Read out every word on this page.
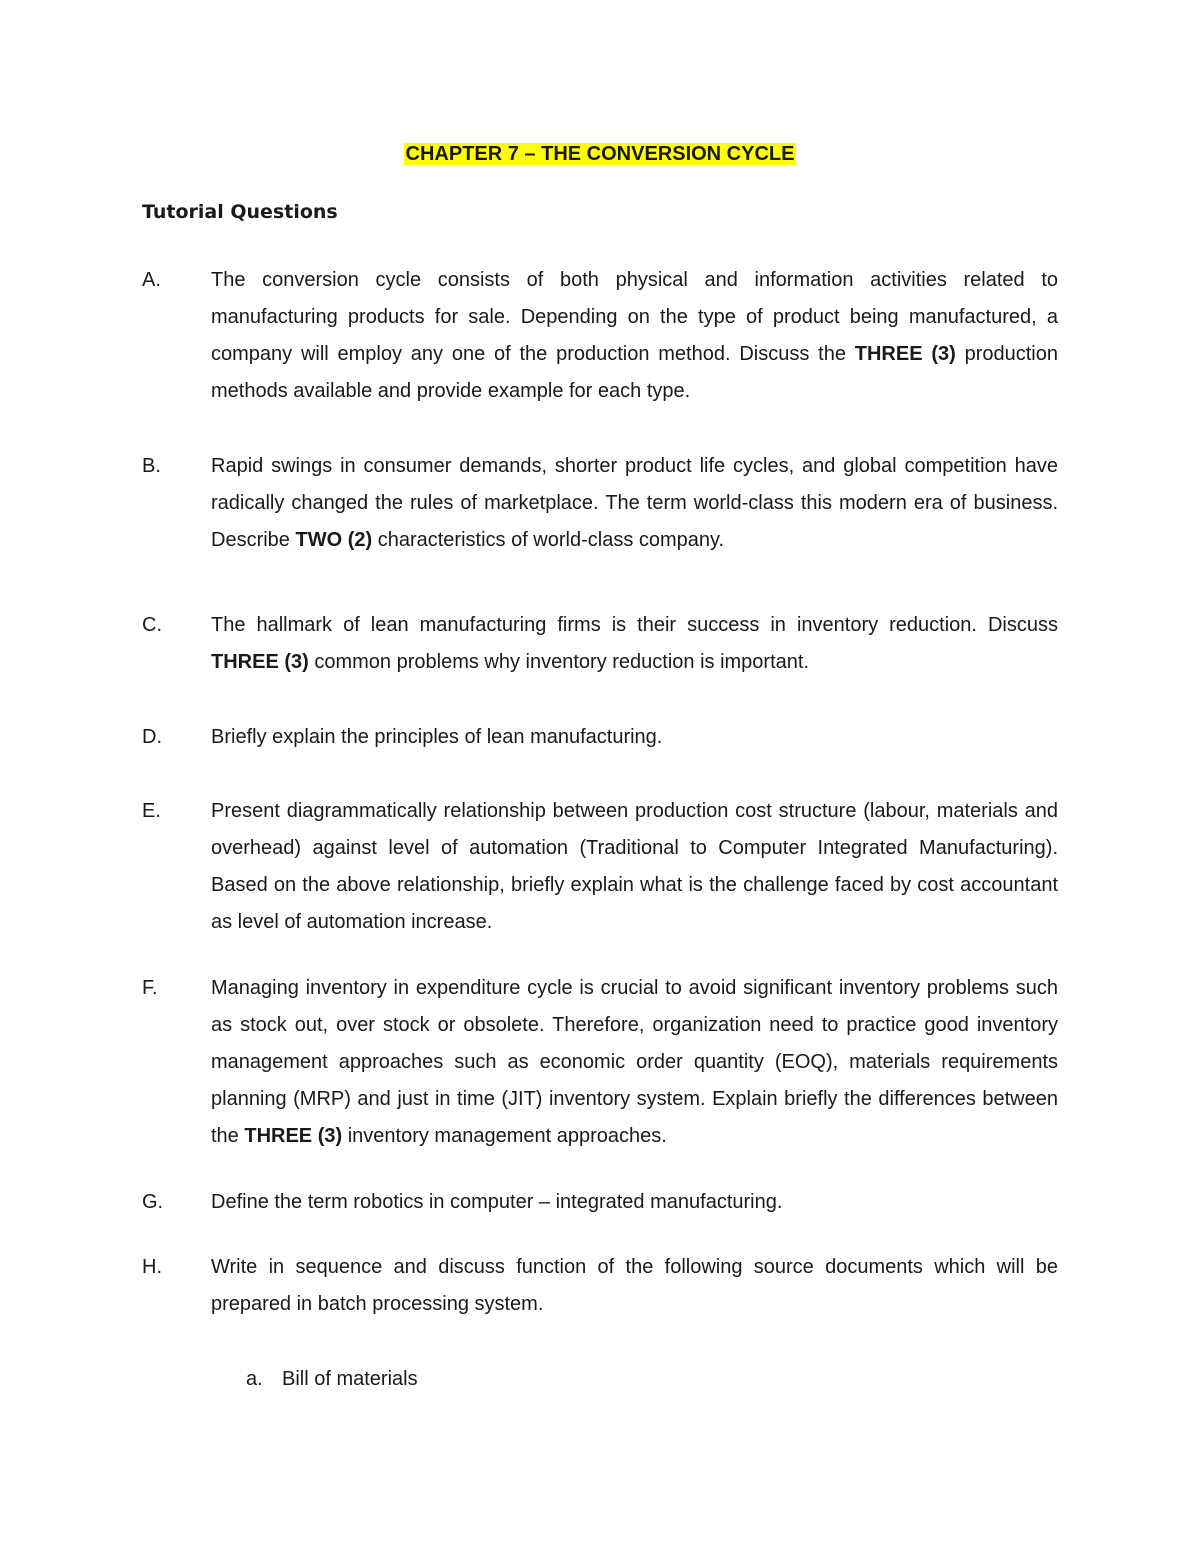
CHAPTER 7 – THE CONVERSION CYCLE
Tutorial Questions
A.	The conversion cycle consists of both physical and information activities related to manufacturing products for sale. Depending on the type of product being manufactured, a company will employ any one of the production method. Discuss the THREE (3) production methods available and provide example for each type.
B.	Rapid swings in consumer demands, shorter product life cycles, and global competition have radically changed the rules of marketplace. The term world-class this modern era of business. Describe TWO (2) characteristics of world-class company.
C.	The hallmark of lean manufacturing firms is their success in inventory reduction. Discuss THREE (3) common problems why inventory reduction is important.
D.	Briefly explain the principles of lean manufacturing.
E.	Present diagrammatically relationship between production cost structure (labour, materials and overhead) against level of automation (Traditional to Computer Integrated Manufacturing). Based on the above relationship, briefly explain what is the challenge faced by cost accountant as level of automation increase.
F.	Managing inventory in expenditure cycle is crucial to avoid significant inventory problems such as stock out, over stock or obsolete. Therefore, organization need to practice good inventory management approaches such as economic order quantity (EOQ), materials requirements planning (MRP) and just in time (JIT) inventory system. Explain briefly the differences between the THREE (3) inventory management approaches.
G.	Define the term robotics in computer – integrated manufacturing.
H.	Write in sequence and discuss function of the following source documents which will be prepared in batch processing system.
a. Bill of materials
